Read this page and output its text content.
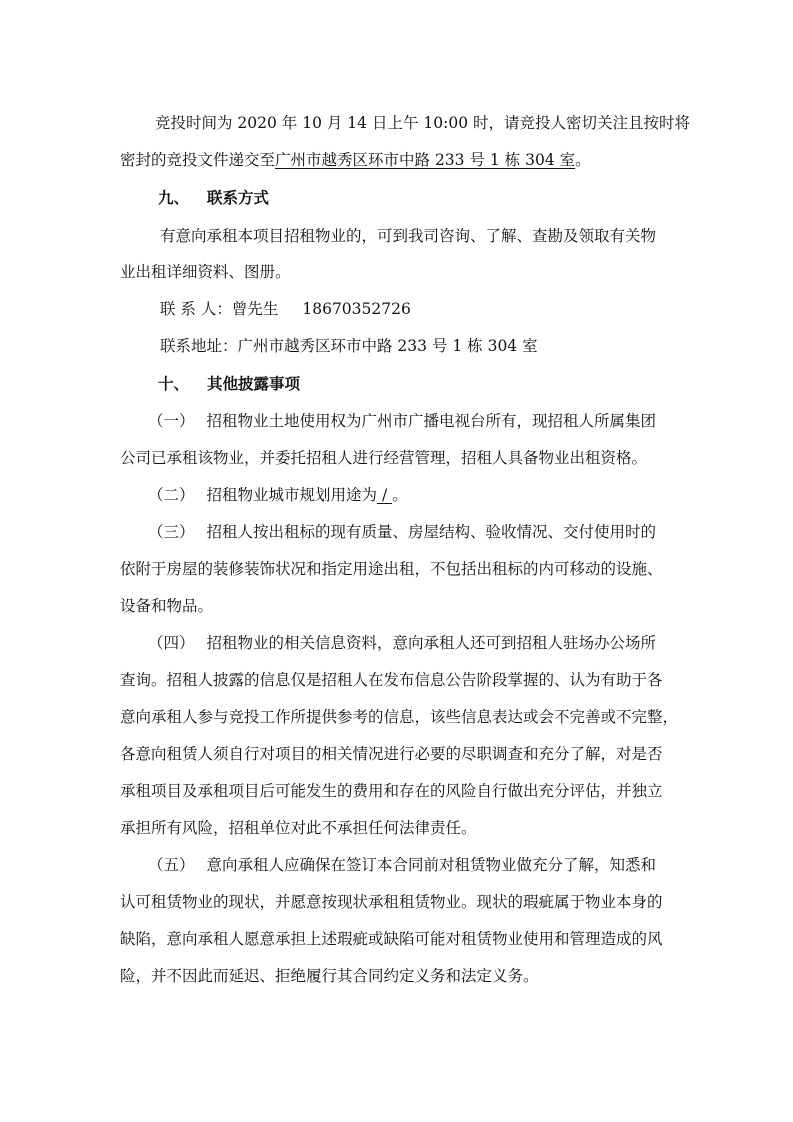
竞投时间为 2020 年 10 月 14 日上午 10:00 时，请竞投人密切关注且按时将
密封的竞投文件递交至广州市越秀区环市中路 233 号 1 栋 304 室。
九、 联系方式
有意向承租本项目招租物业的，可到我司咨询、了解、查勘及领取有关物
业出租详细资料、图册。
联 系 人：曾先生 18670352726
联系地址：广州市越秀区环市中路 233 号 1 栋 304 室
十、 其他披露事项
（一） 招租物业土地使用权为广州市广播电视台所有，现招租人所属集团
公司已承租该物业，并委托招租人进行经营管理，招租人具备物业出租资格。
（二） 招租物业城市规划用途为 / 。
（三） 招租人按出租标的现有质量、房屋结构、验收情况、交付使用时的
依附于房屋的装修装饰状况和指定用途出租，不包括出租标的内可移动的设施、
设备和物品。
（四） 招租物业的相关信息资料，意向承租人还可到招租人驻场办公场所
查询。招租人披露的信息仅是招租人在发布信息公告阶段掌握的、认为有助于各
意向承租人参与竞投工作所提供参考的信息，该些信息表达或会不完善或不完整，
各意向租赁人须自行对项目的相关情况进行必要的尽职调查和充分了解，对是否
承租项目及承租项目后可能发生的费用和存在的风险自行做出充分评估，并独立
承担所有风险，招租单位对此不承担任何法律责任。
（五） 意向承租人应确保在签订本合同前对租赁物业做充分了解，知悉和
认可租赁物业的现状，并愿意按现状承租租赁物业。现状的瑕疵属于物业本身的
缺陷，意向承租人愿意承担上述瑕疵或缺陷可能对租赁物业使用和管理造成的风
险，并不因此而延迟、拒绝履行其合同约定义务和法定义务。
